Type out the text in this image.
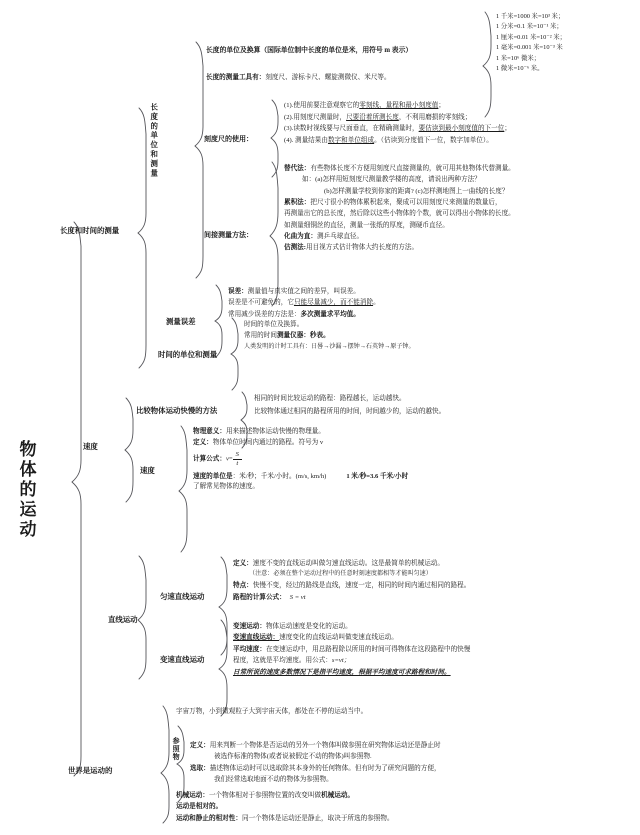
物体的运动
长度和时间的测量
速度
世界是运动的
长度的单位和测量
长度的单位及换算（国际单位制中长度的单位是米，用符号 m 表示）
1 千米=1000 米=10³ 米；
1 分米=0.1 米=10⁻¹ 米；
1 厘米=0.01 米=10⁻² 米；
1 毫米=0.001 米=10⁻³ 米
1 米=10⁶ 微米；
1 微米=10⁻⁶ 米。
长度的测量工具有：刻度尺、游标卡尺、螺旋测微仪、米尺等。
刻度尺的使用：
(1).使用前要注意观察它的零刻线、量程和最小刻度值；
(2).用刻度尺测量时，尺要沿着所测长度，不利用磨损的零刻线；
(3).读数时视线要与尺面垂直，在精确测量时，要估读到最小刻度值的下一位；
(4). 测量结果由数字和单位组成。（估读到分度值下一位，数字加单位）。
间接测量方法：
替代法：有些物体长度不方便用刻度尺直接测量的，就可用其他物体代替测量。
如：(a)怎样用短刻度尺测量教学楼的高度，请说出两种方法？
(b)怎样测量学校到你家的距离? (c)怎样测地图上一曲线的长度？
累积法：把尺寸很小的物体累积起来，聚成可以用刻度尺来测量的数量后，
再测量出它的总长度，然后除以这些小物体的个数，就可以得出小物体的长度。
如测量细铜丝的直径，测量一张纸的厚度，测硬币直径。
化曲为直：测乒乓球直径。
估测法:用目视方式估计物体大约长度的方法。
测量误差
误差：测量值与真实值之间的差异，叫误差。
误差是不可避免的，它只能尽量减少，而不能消除。
常用减少误差的方法是：多次测量求平均值。
时间的单位和测量
时间的单位及换算。
常用的时间测量仪器：秒表。
人类发明的计时工具有：日晷→沙漏→摆钟→石英钟→原子钟。
比较物体运动快慢的方法
相同的时间比较运动的路程：路程越长，运动越快。
比较物体通过相同的路程所用的时间，时间越少的，运动的越快。
速度
物理意义：用来描述物体运动快慢的物理量。
定义：物体单位时间内通过的路程。符号为 v
计算公式：$v= \frac{S}{t}$
速度的单位是：米/秒；千米/小时。(m/s, km/h)	1 米/秒=3.6 千米/小时
了解常见物体的速度。
直线运动
匀速直线运动
定义：速度不变的直线运动叫做匀速直线运动。这是最简单的机械运动。
（注意：必须在整个运动过程中的任意时刻速度都相等才能叫匀速）
特点：快慢不变，经过的路线是直线，速度一定，相同的时间内通过相同的路程。
路程的计算公式： S = vt
变速直线运动
变速运动：物体运动速度是变化的运动。
变速直线运动：速度变化的直线运动叫做变速直线运动。
平均速度：在变速运动中，用总路程除以所用的时间可得物体在这段路程中的快慢
程度，这就是平均速度。用公式：s=vt；
日常所说的速度多数情况下是指平均速度，根据平均速度可求路程和时间。
宇宙万物，小到微观粒子大到宇宙天体，都处在不停的运动当中。
参照物 定义：用来判断一个物体是否运动的另外一个物体叫做参照在研究物体运动还是静止时
被选作标准的物体(或者说被假定不动的物体)叫参照物.
选取：描述物体运动时可以选取除其本身外的任何物体。但有时为了研究问题的方便，
我们经常选取地面不动的物体为参照物。
机械运动：一个物体相对于参照物位置的改变叫做机械运动。
运动是相对的。
运动和静止的相对性：同一个物体是运动还是静止，取决于所选的参照物。
